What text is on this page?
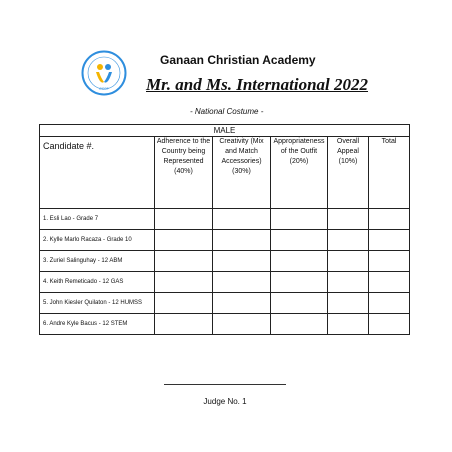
CCCF
Ganaan Christian Academy
Mr. and Ms. International 2022
- National Costume -
MALE					
Candidate #.	Adherence to the Country being Represented (40%)	Creativity (Mix and Match Accessories) (30%)	Appropriateness of the Outfit (20%)	Overall Appeal (10%)	Total
1. Esli Lao - Grade 7					
2. Kylle Marlo Racaza - Grade 10					
3. Zuriel Salinguhay - 12 ABM					
4. Keith Remeticado - 12 GAS					
5. John Kiesler Quilaton - 12 HUMSS					
6. Andre Kyle Bacus - 12 STEM					
Judge No. 1
